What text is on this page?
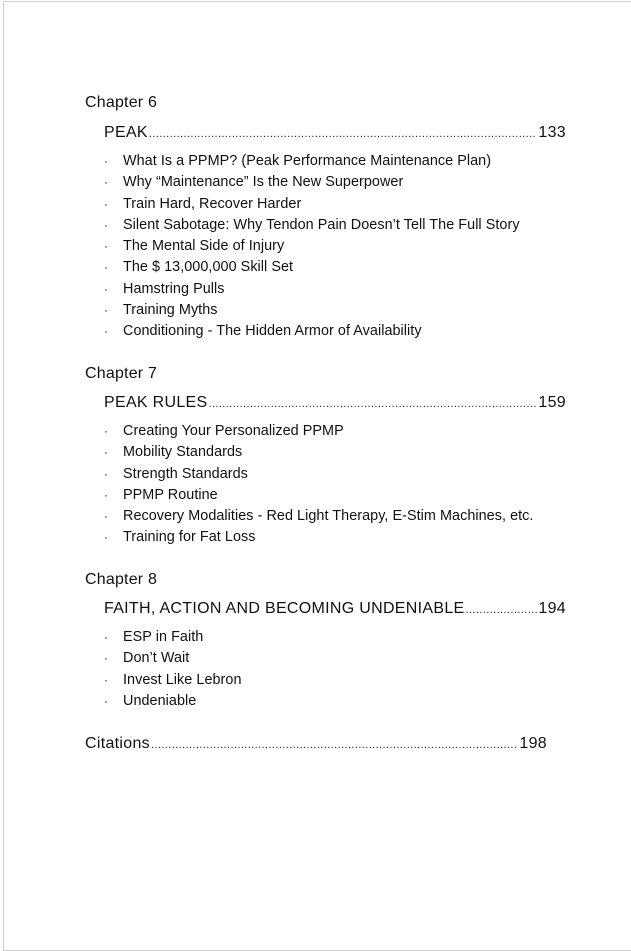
Chapter 6

PEAK .....	133
· What Is a PPMP? (Peak Performance Maintenance Plan)
· Why “Maintenance” Is the New Superpower
· Train Hard, Recover Harder
· Silent Sabotage: Why Tendon Pain Doesn’t Tell The Full Story
· The Mental Side of Injury
· The $ 13,000,000 Skill Set
· Hamstring Pulls
· Training Myths
· Conditioning - The Hidden Armor of Availability

Chapter 7

PEAK RULES .....	159
· Creating Your Personalized PPMP
· Mobility Standards
· Strength Standards
· PPMP Routine
· Recovery Modalities - Red Light Therapy, E-Stim Machines, etc.
· Training for Fat Loss

Chapter 8

FAITH, ACTION AND BECOMING UNDENIABLE .....	194
· ESP in Faith
· Don’t Wait
· Invest Like Lebron
· Undeniable
Citations .....	198
